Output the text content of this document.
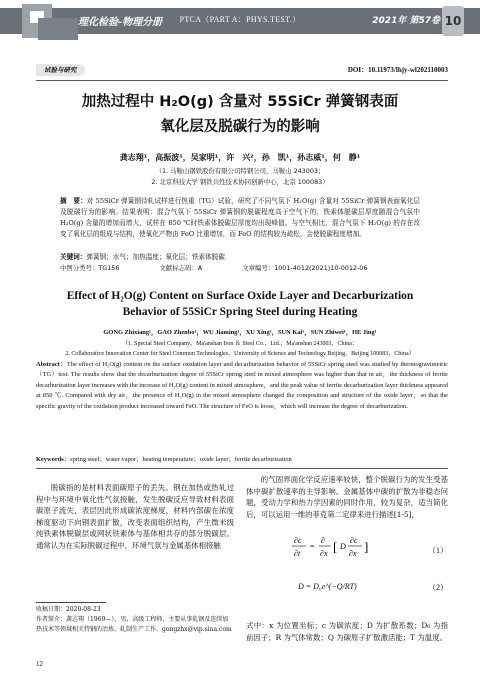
理化检验-物理分册	PTCA（PART A：PHYS.TEST.）	2021年 第57卷 10
试验与研究	DOI：10.11973/lhjy-wl202110003
加热过程中 H₂O(g) 含量对 55SiCr 弹簧钢表面
氧化层及脱碳行为的影响
龚志翔¹，高振波¹，吴家明¹，许　兴²，孙　凯¹，孙志威¹，何　静¹
（1. 马鞍山钢铁股份有限公司特钢公司，马鞍山 243003；
2. 北京科技大学 钢铁共性技术协同创新中心，北京 100083）
摘　要：对 55SiCr 弹簧钢待轧试样进行热重（TG）试验，研究了不同气氛下 H₂O(g) 含量对 55SiCr 弹簧钢表面氧化层及脱碳行为的影响。结果表明：混合气氛下 55SiCr 弹簧钢的脱碳程度高于空气下的，铁素体脱碳层厚度随混合气氛中 H₂O(g) 含量的增加而增大，试样在 850 ℃时铁素体脱碳层厚度均出现峰值。与空气相比，混合气氛下 H₂O(g) 的存在改变了氧化层的组成与结构，使氧化产物由 FeO 比重增加，而 FeO 的结构较为疏松，会使脱碳程度增加。
关键词：弹簧钢；水气；加热温度；氧化层；铁素体脱碳
中图分类号：TG156	文献标志码：A	文章编号：1001-4012(2021)10-0012-06
Effect of H₂O(g) Content on Surface Oxide Layer and Decarburization
Behavior of 55SiCr Spring Steel during Heating
GONG Zhixiang¹，GAO Zhenbo¹，WU Jiaming¹，XU Xing²，SUN Kai¹，SUN Zhiwei¹，HE Jing¹
（1. Special Steel Company，Ma'anshan Iron ＆ Steel Co.，Ltd.，Ma'anshan 243003，China；
2. Collaborative Innovation Center for Steel Common Technologies，University of Science and Technology Beijing，Beijing 100083，China）
Abstract：The effect of H₂O(g) content on the surface oxidation layer and decarburization behavior of 55SiCr spring steel was studied by thermogravimetric（TG）test. The results show that the decarburization degree of 55SiCr spring steel in mixed atmosphere was higher than that in air，the thickness of ferrite decarburization layer increases with the increase of H₂O(g) content in mixed atmosphere，and the peak value of ferrite decarburization layer thickness appeared at 850 ℃. Compared with dry air，the presence of H₂O(g) in the mixed atmosphere changed the composition and structure of the oxide layer，so that the specific gravity of the oxidation product increased toward FeO. The structure of FeO is loose，which will increase the degree of decarburization.
Keywords：spring steel；water vapor；heating temperature；oxide layer；ferrite decarburization
脱碳指的是材料表面碳原子的丢失。钢在加热或热轧过程中与环境中氧化性气氛接触，发生脱碳反应导致材料表面碳原子流失，表层因此形成碳浓度梯度，材料内部碳在浓度梯度驱动下向钢表面扩散，改变表面组织结构，产生微米级纯铁素体脱碳层或网状铁素体与基体相共存的部分脱碳层。通常认为在实际脱碳过程中，环境气氛与金属基体相接触
的气固界面化学反应速率较快，整个脱碳行为的发生受基体中碳扩散速率的主导影响。金属基体中碳的扩散为非稳态问题，受动力学和热力学因素的同时作用，较为复杂，适当简化后，可以运用一维的菲克第二定律来进行描述[1-5]，
∂c
∂t
=
∂
∂x [ D
∂c
∂x ]	（1）
D = D₀e^(−Q/RT)	（2）
式中：x 为位置坐标；c 为碳浓度；D 为扩散系数；D₀ 为指前因子；R 为气体常数；Q 为碳原子扩散激活能；T 为温度。
收稿日期：2020-08-23
作者简介：龚志翔（1969—），男，高级工程师，主要从事轧钢及连续加热技术等领域相关特钢的冶炼、轧制生产工作，gongzhx@vip.sina.com
12
